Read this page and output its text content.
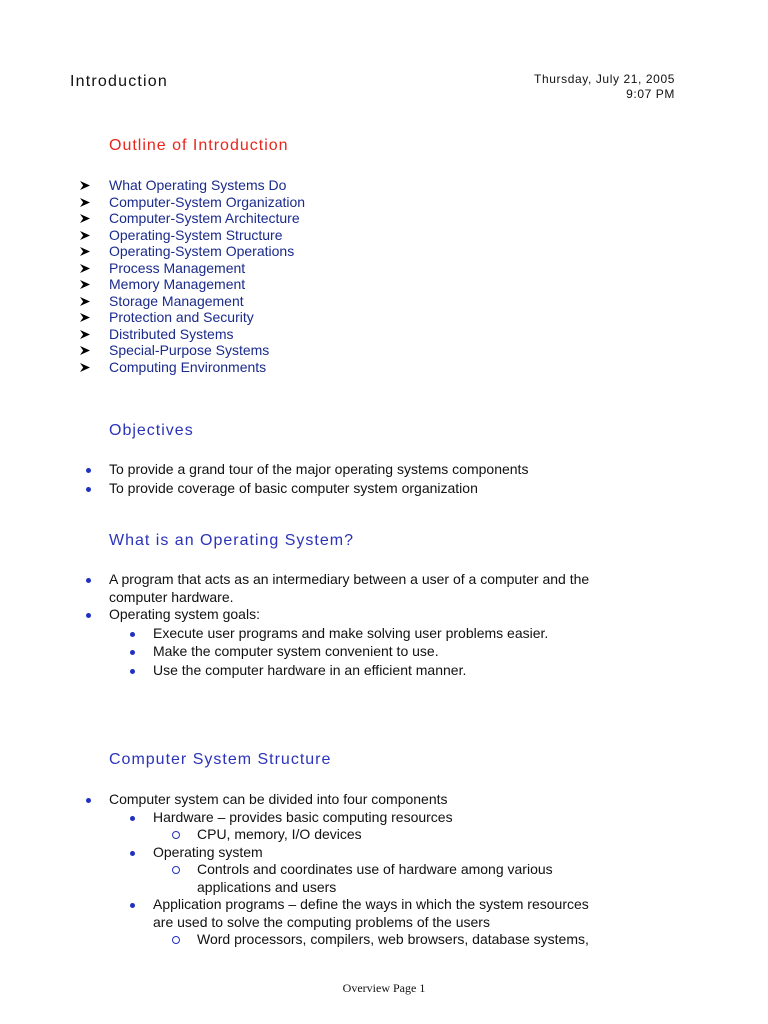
Introduction	Thursday, July 21, 2005
9:07 PM
Outline of Introduction
What Operating Systems Do
Computer-System Organization
Computer-System Architecture
Operating-System Structure
Operating-System Operations
Process Management
Memory Management
Storage Management
Protection and Security
Distributed Systems
Special-Purpose Systems
Computing Environments
Objectives
To provide a grand tour of the major operating systems components
To provide coverage of basic computer system organization
What is an Operating System?
A program that acts as an intermediary between a user of a computer and the
computer hardware.
Operating system goals:
Execute user programs and make solving user problems easier.
Make the computer system convenient to use.
Use the computer hardware in an efficient manner.
Computer System Structure
Computer system can be divided into four components
Hardware – provides basic computing resources
CPU, memory, I/O devices
Operating system
Controls and coordinates use of hardware among various
applications and users
Application programs – define the ways in which the system resources
are used to solve the computing problems of the users
Word processors, compilers, web browsers, database systems,
Overview Page 1
